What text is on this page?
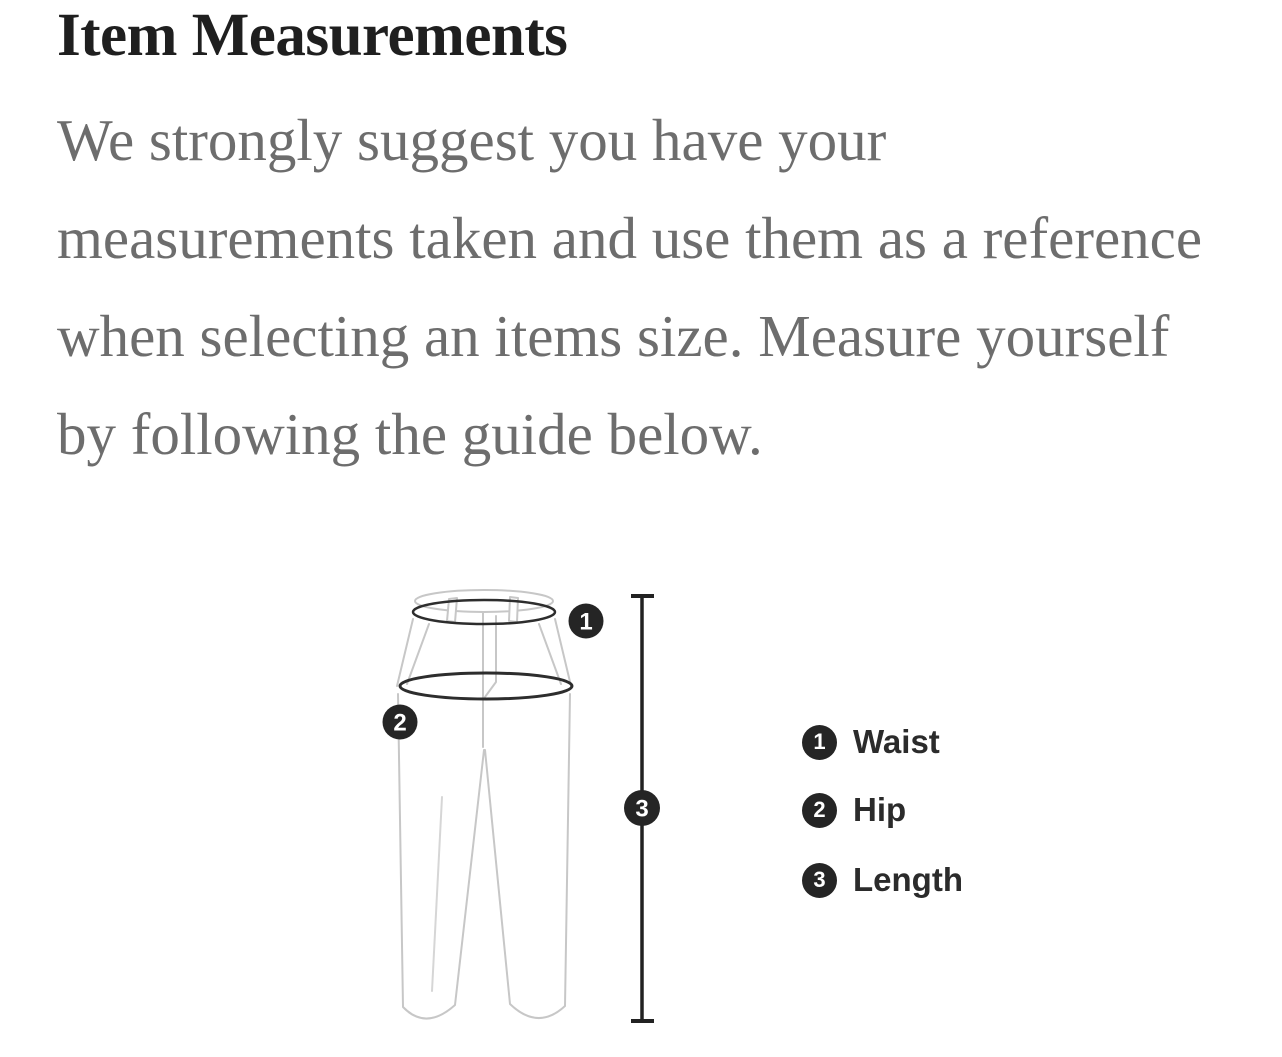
Item Measurements
We strongly suggest you have your
measurements taken and use them as a reference
when selecting an items size. Measure yourself
by following the guide below.
1
2
3
1 Waist
2 Hip
3 Length
